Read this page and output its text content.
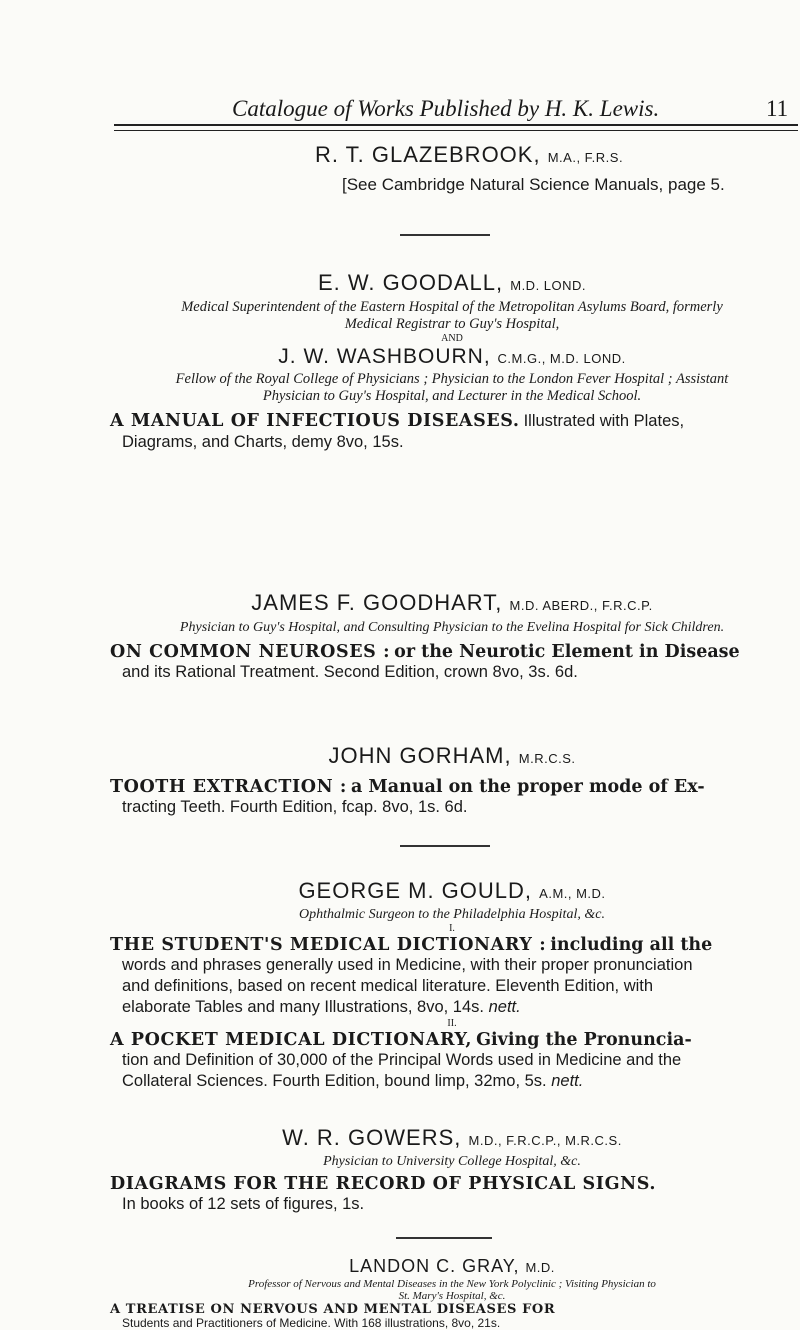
Catalogue of Works Published by H. K. Lewis.	11
R. T. GLAZEBROOK, M.A., F.R.S.
[See Cambridge Natural Science Manuals, page 5.
E. W. GOODALL, M.D. LOND.
Medical Superintendent of the Eastern Hospital of the Metropolitan Asylums Board, formerly
Medical Registrar to Guy's Hospital,
AND
J. W. WASHBOURN, C.M.G., M.D. LOND.
Fellow of the Royal College of Physicians ; Physician to the London Fever Hospital ; Assistant
Physician to Guy's Hospital, and Lecturer in the Medical School.
A MANUAL OF INFECTIOUS DISEASES. Illustrated with Plates,
Diagrams, and Charts, demy 8vo, 15s.
JAMES F. GOODHART, M.D. ABERD., F.R.C.P.
Physician to Guy's Hospital, and Consulting Physician to the Evelina Hospital for Sick Children.
ON COMMON NEUROSES : or the Neurotic Element in Disease
and its Rational Treatment. Second Edition, crown 8vo, 3s. 6d.
JOHN GORHAM, M.R.C.S.
TOOTH EXTRACTION : a Manual on the proper mode of Ex-
tracting Teeth. Fourth Edition, fcap. 8vo, 1s. 6d.
GEORGE M. GOULD, A.M., M.D.
Ophthalmic Surgeon to the Philadelphia Hospital, &c.
I.
THE STUDENT'S MEDICAL DICTIONARY : including all the
words and phrases generally used in Medicine, with their proper pronunciation
and definitions, based on recent medical literature. Eleventh Edition, with
elaborate Tables and many Illustrations, 8vo, 14s. nett.
II.
A POCKET MEDICAL DICTIONARY, Giving the Pronuncia-
tion and Definition of 30,000 of the Principal Words used in Medicine and the
Collateral Sciences. Fourth Edition, bound limp, 32mo, 5s. nett.
W. R. GOWERS, M.D., F.R.C.P., M.R.C.S.
Physician to University College Hospital, &c.
DIAGRAMS FOR THE RECORD OF PHYSICAL SIGNS.
In books of 12 sets of figures, 1s.
LANDON C. GRAY, M.D.
Professor of Nervous and Mental Diseases in the New York Polyclinic ; Visiting Physician to
St. Mary's Hospital, &c.
A TREATISE ON NERVOUS AND MENTAL DISEASES FOR
Students and Practitioners of Medicine. With 168 illustrations, 8vo, 21s.
